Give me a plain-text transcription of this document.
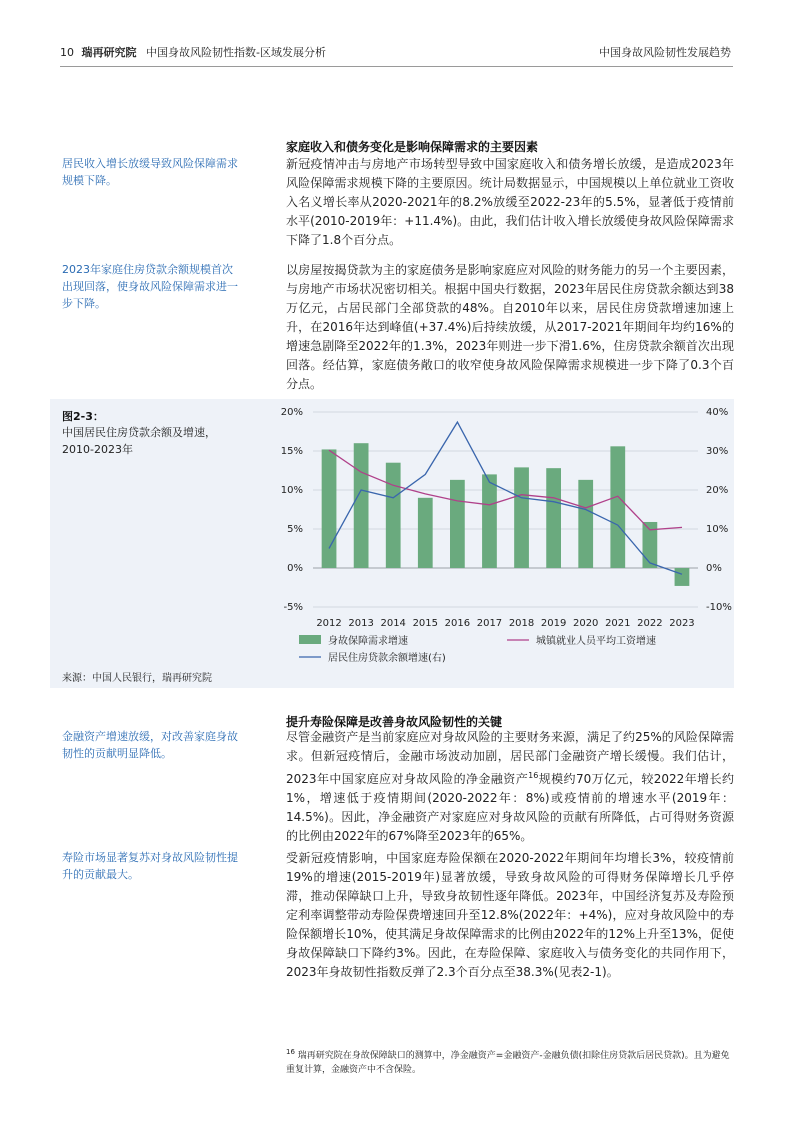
10 瑞再研究院 中国身故风险韧性指数-区域发展分析	中国身故风险韧性发展趋势
家庭收入和债务变化是影响保障需求的主要因素
居民收入增长放缓导致风险保障需求规模下降。
新冠疫情冲击与房地产市场转型导致中国家庭收入和债务增长放缓，是造成2023年风险保障需求规模下降的主要原因。统计局数据显示，中国规模以上单位就业工资收入名义增长率从2020-2021年的8.2%放缓至2022-23年的5.5%，显著低于疫情前水平(2010-2019年：+11.4%)。由此，我们估计收入增长放缓使身故风险保障需求下降了1.8个百分点。
2023年家庭住房贷款余额规模首次出现回落，使身故风险保障需求进一步下降。
以房屋按揭贷款为主的家庭债务是影响家庭应对风险的财务能力的另一个主要因素，与房地产市场状况密切相关。根据中国央行数据，2023年居民住房贷款余额达到38万亿元，占居民部门全部贷款的48%。自2010年以来，居民住房贷款增速加速上升，在2016年达到峰值(+37.4%)后持续放缓，从2017-2021年期间年均约16%的增速急剧降至2022年的1.3%，2023年则进一步下滑1.6%，住房贷款余额首次出现回落。经估算，家庭债务敞口的收窄使身故风险保障需求规模进一步下降了0.3个百分点。
20%
15%
10%
5%
0%
-5%
40%
30%
20%
10%
0%
-10%
2012 2013 2014 2015 2016 2017 2018 2019 2020 2021 2022 2023
身故保障需求增速	城镇就业人员平均工资增速
居民住房贷款余额增速(右)
图2-3：
中国居民住房贷款余额及增速，2010-2023年
来源：中国人民银行，瑞再研究院
提升寿险保障是改善身故风险韧性的关键
金融资产增速放缓，对改善家庭身故韧性的贡献明显降低。
尽管金融资产是当前家庭应对身故风险的主要财务来源，满足了约25%的风险保障需求。但新冠疫情后，金融市场波动加剧，居民部门金融资产增长缓慢。我们估计，2023年中国家庭应对身故风险的净金融资产$^{16}$规模约70万亿元，较2022年增长约1%，增速低于疫情期间(2020-2022年：8%)或疫情前的增速水平(2019年：14.5%)。因此，净金融资产对家庭应对身故风险的贡献有所降低，占可得财务资源的比例由2022年的67%降至2023年的65%。
寿险市场显著复苏对身故风险韧性提升的贡献最大。
受新冠疫情影响，中国家庭寿险保额在2020-2022年期间年均增长3%，较疫情前19%的增速(2015-2019年)显著放缓，导致身故风险的可得财务保障增长几乎停滞，推动保障缺口上升，导致身故韧性逐年降低。2023年，中国经济复苏及寿险预定利率调整带动寿险保费增速回升至12.8%(2022年：+4%)，应对身故风险中的寿险保额增长10%，使其满足身故保障需求的比例由2022年的12%上升至13%，促使身故保障缺口下降约3%。因此，在寿险保障、家庭收入与债务变化的共同作用下，2023年身故韧性指数反弹了2.3个百分点至38.3%(见表2-1)。
$^{16}$ 瑞再研究院在身故保障缺口的测算中，净金融资产=金融资产-金融负债(扣除住房贷款后居民贷款)。且为避免重复计算，金融资产中不含保险。
